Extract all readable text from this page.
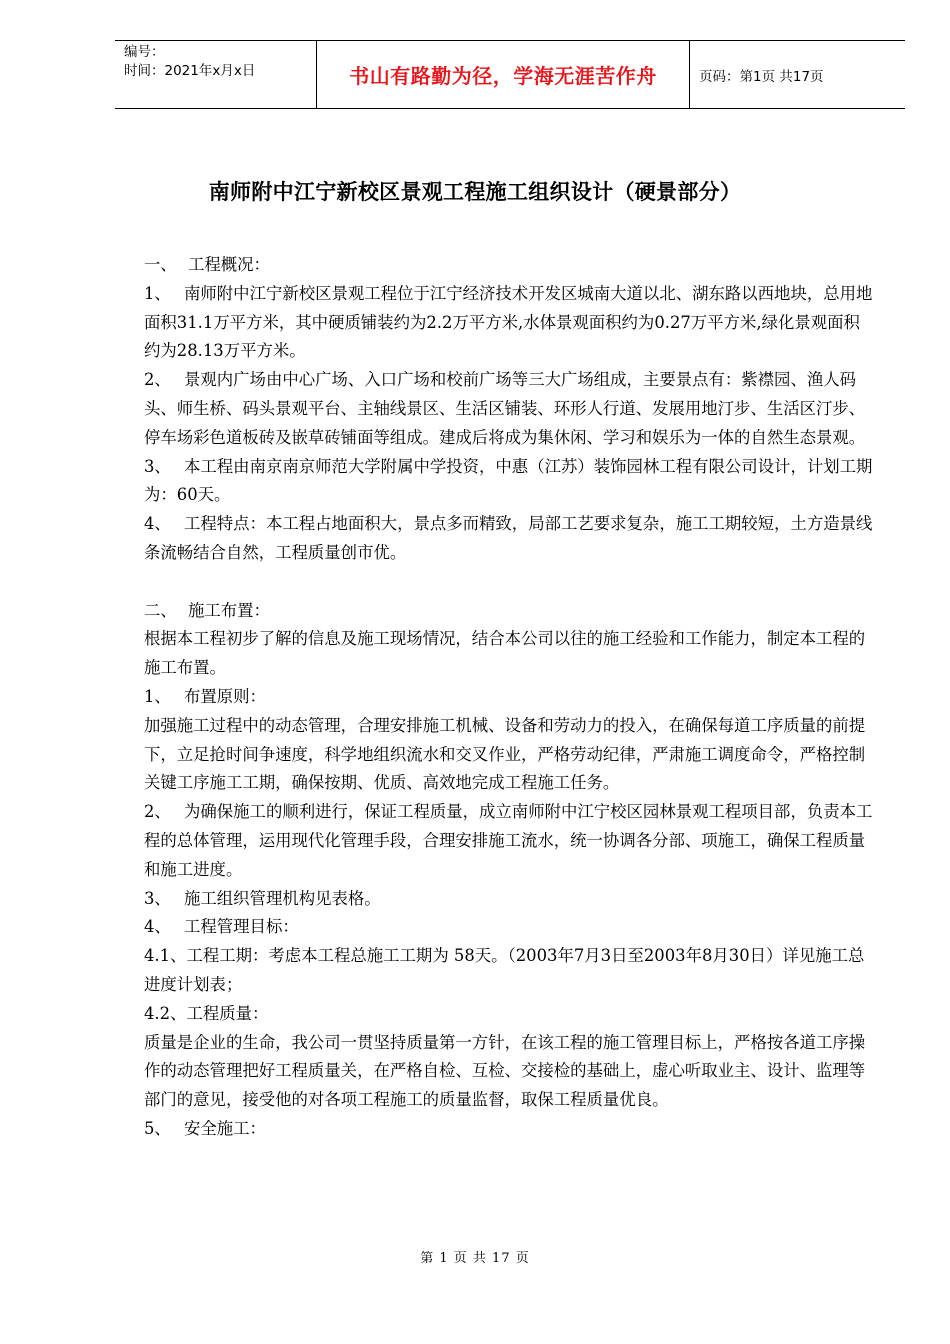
编号：
时间：2021年x月x日	书山有路勤为径，学海无涯苦作舟	页码：第1页 共17页
南师附中江宁新校区景观工程施工组织设计（硬景部分）

一、 工程概况：

1、 南师附中江宁新校区景观工程位于江宁经济技术开发区城南大道以北、湖东路以西地块，总用地面积31.1万平方米，其中硬质铺装约为2.2万平方米,水体景观面积约为0.27万平方米,绿化景观面积约为28.13万平方米。

2、 景观内广场由中心广场、入口广场和校前广场等三大广场组成，主要景点有：紫襟园、渔人码头、师生桥、码头景观平台、主轴线景区、生活区铺装、环形人行道、发展用地汀步、生活区汀步、停车场彩色道板砖及嵌草砖铺面等组成。建成后将成为集休闲、学习和娱乐为一体的自然生态景观。

3、 本工程由南京南京师范大学附属中学投资，中惠（江苏）装饰园林工程有限公司设计，计划工期为：60天。

4、 工程特点：本工程占地面积大，景点多而精致，局部工艺要求复杂，施工工期较短，土方造景线条流畅结合自然，工程质量创市优。

二、 施工布置：

根据本工程初步了解的信息及施工现场情况，结合本公司以往的施工经验和工作能力，制定本工程的施工布置。

1、 布置原则：

加强施工过程中的动态管理，合理安排施工机械、设备和劳动力的投入，在确保每道工序质量的前提下，立足抢时间争速度，科学地组织流水和交叉作业，严格劳动纪律，严肃施工调度命令，严格控制关键工序施工工期，确保按期、优质、高效地完成工程施工任务。

2、 为确保施工的顺利进行，保证工程质量，成立南师附中江宁校区园林景观工程项目部，负责本工程的总体管理，运用现代化管理手段，合理安排施工流水，统一协调各分部、项施工，确保工程质量和施工进度。

3、 施工组织管理机构见表格。

4、 工程管理目标：

4.1、工程工期：考虑本工程总施工工期为 58天。（2003年7月3日至2003年8月30日）详见施工总进度计划表；

4.2、工程质量：

质量是企业的生命，我公司一贯坚持质量第一方针，在该工程的施工管理目标上，严格按各道工序操作的动态管理把好工程质量关，在严格自检、互检、交接检的基础上，虚心听取业主、设计、监理等部门的意见，接受他的对各项工程施工的质量监督，取保工程质量优良。

5、 安全施工：

第 1 页 共 17 页
